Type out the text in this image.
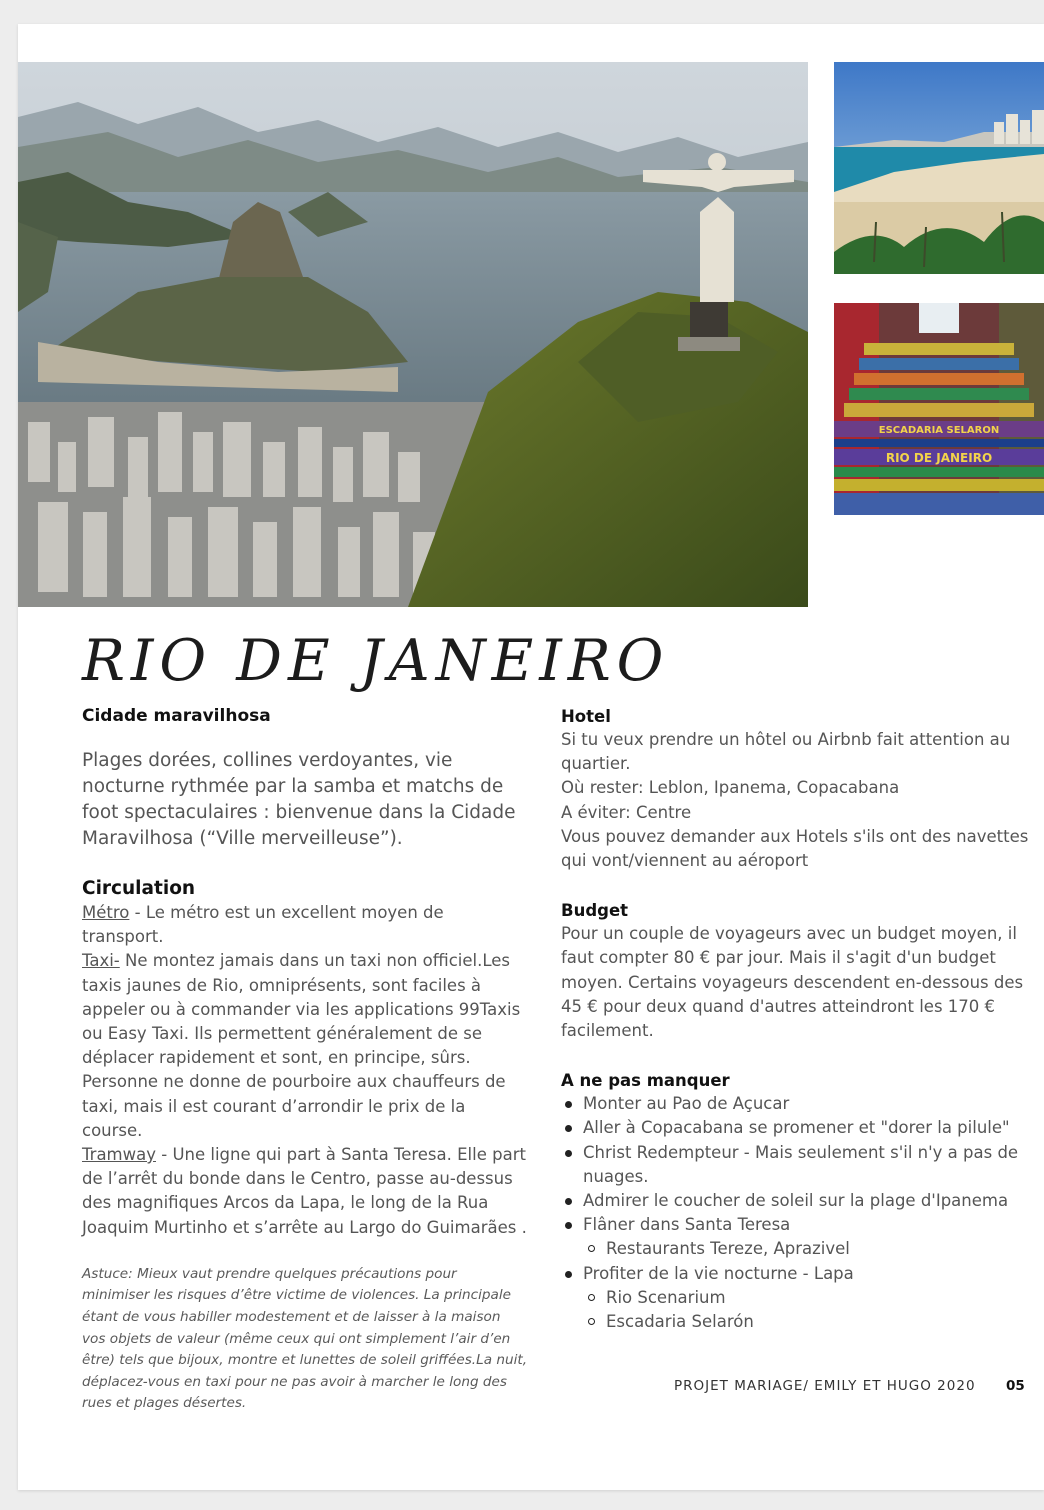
ESCADARIA SELARON
RIO DE JANEIRO
RIO DE JANEIRO

Cidade maravilhosa

Plages dorées, collines verdoyantes, vie nocturne rythmée par la samba et matchs de foot spectaculaires : bienvenue dans la Cidade Maravilhosa (“Ville merveilleuse”).

Circulation

Métro - Le métro est un excellent moyen de transport.
Taxi- Ne montez jamais dans un taxi non officiel.Les taxis jaunes de Rio, omniprésents, sont faciles à appeler ou à commander via les applications 99Taxis ou Easy Taxi. Ils permettent généralement de se déplacer rapidement et sont, en principe, sûrs. Personne ne donne de pourboire aux chauffeurs de taxi, mais il est courant d’arrondir le prix de la course.
Tramway - Une ligne qui part à Santa Teresa. Elle part de l’arrêt du bonde dans le Centro, passe au-dessus des magnifiques Arcos da Lapa, le long de la Rua Joaquim Murtinho et s’arrête au Largo do Guimarães .

Astuce: Mieux vaut prendre quelques précautions pour minimiser les risques d’être victime de violences. La principale étant de vous habiller modestement et de laisser à la maison vos objets de valeur (même ceux qui ont simplement l’air d’en être) tels que bijoux, montre et lunettes de soleil griffées.La nuit, déplacez-vous en taxi pour ne pas avoir à marcher le long des rues et plages désertes.

Hotel

Si tu veux prendre un hôtel ou Airbnb fait attention au quartier.

Où rester: Leblon, Ipanema, Copacabana

A éviter: Centre

Vous pouvez demander aux Hotels s'ils ont des navettes qui vont/viennent au aéroport

Budget

Pour un couple de voyageurs avec un budget moyen, il faut compter 80 € par jour. Mais il s'agit d'un budget moyen. Certains voyageurs descendent en-dessous des 45 € pour deux quand d'autres atteindront les 170 € facilement.

A ne pas manquer

Monter au Pao de Açucar
Aller à Copacabana se promener et "dorer la pilule"
Christ Redempteur - Mais seulement s'il n'y a pas de nuages.
Admirer le coucher de soleil sur la plage d'Ipanema
Flâner dans Santa Teresa
Restaurants Tereze, Aprazivel
Profiter de la vie nocturne - Lapa
Rio Scenarium
Escadaria Selarón
PROJET MARIAGE/ EMILY ET HUGO 2020 05
